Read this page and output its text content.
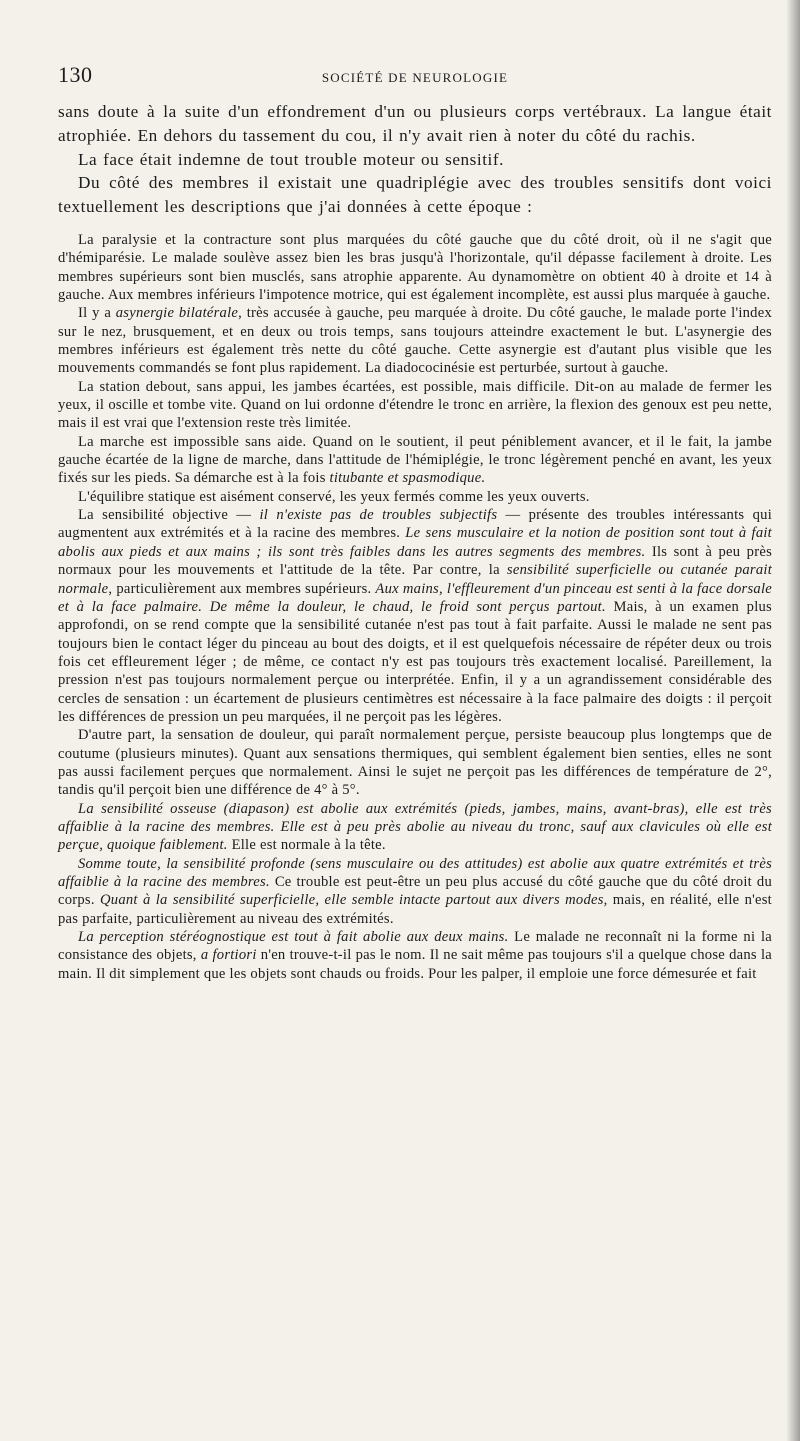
130	SOCIÉTÉ DE NEUROLOGIE

sans doute à la suite d'un effondrement d'un ou plusieurs corps vertébraux. La langue était atrophiée. En dehors du tassement du cou, il n'y avait rien à noter du côté du rachis.

La face était indemne de tout trouble moteur ou sensitif.

Du côté des membres il existait une quadriplégie avec des troubles sensitifs dont voici textuellement les descriptions que j'ai données à cette époque :

La paralysie et la contracture sont plus marquées du côté gauche que du côté droit, où il ne s'agit que d'hémiparésie. Le malade soulève assez bien les bras jusqu'à l'horizontale, qu'il dépasse facilement à droite. Les membres supérieurs sont bien musclés, sans atrophie apparente. Au dynamomètre on obtient 40 à droite et 14 à gauche. Aux membres inférieurs l'impotence motrice, qui est également incomplète, est aussi plus marquée à gauche.

Il y a asynergie bilatérale, très accusée à gauche, peu marquée à droite. Du côté gauche, le malade porte l'index sur le nez, brusquement, et en deux ou trois temps, sans toujours atteindre exactement le but. L'asynergie des membres inférieurs est également très nette du côté gauche. Cette asynergie est d'autant plus visible que les mouvements commandés se font plus rapidement. La diadococinésie est perturbée, surtout à gauche.

La station debout, sans appui, les jambes écartées, est possible, mais difficile. Dit-on au malade de fermer les yeux, il oscille et tombe vite. Quand on lui ordonne d'étendre le tronc en arrière, la flexion des genoux est peu nette, mais il est vrai que l'extension reste très limitée.

La marche est impossible sans aide. Quand on le soutient, il peut péniblement avancer, et il le fait, la jambe gauche écartée de la ligne de marche, dans l'attitude de l'hémiplégie, le tronc légèrement penché en avant, les yeux fixés sur les pieds. Sa démarche est à la fois titubante et spasmodique.

L'équilibre statique est aisément conservé, les yeux fermés comme les yeux ouverts.

La sensibilité objective — il n'existe pas de troubles subjectifs — présente des troubles intéressants qui augmentent aux extrémités et à la racine des membres. Le sens musculaire et la notion de position sont tout à fait abolis aux pieds et aux mains ; ils sont très faibles dans les autres segments des membres. Ils sont à peu près normaux pour les mouvements et l'attitude de la tête. Par contre, la sensibilité superficielle ou cutanée parait normale, particulièrement aux membres supérieurs. Aux mains, l'effleurement d'un pinceau est senti à la face dorsale et à la face palmaire. De même la douleur, le chaud, le froid sont perçus partout. Mais, à un examen plus approfondi, on se rend compte que la sensibilité cutanée n'est pas tout à fait parfaite. Aussi le malade ne sent pas toujours bien le contact léger du pinceau au bout des doigts, et il est quelquefois nécessaire de répéter deux ou trois fois cet effleurement léger ; de même, ce contact n'y est pas toujours très exactement localisé. Pareillement, la pression n'est pas toujours normalement perçue ou interprétée. Enfin, il y a un agrandissement considérable des cercles de sensation : un écartement de plusieurs centimètres est nécessaire à la face palmaire des doigts : il perçoit les différences de pression un peu marquées, il ne perçoit pas les légères.

D'autre part, la sensation de douleur, qui paraît normalement perçue, persiste beaucoup plus longtemps que de coutume (plusieurs minutes). Quant aux sensations thermiques, qui semblent également bien senties, elles ne sont pas aussi facilement perçues que normalement. Ainsi le sujet ne perçoit pas les différences de température de 2°, tandis qu'il perçoit bien une différence de 4° à 5°.

La sensibilité osseuse (diapason) est abolie aux extrémités (pieds, jambes, mains, avant-bras), elle est très affaiblie à la racine des membres. Elle est à peu près abolie au niveau du tronc, sauf aux clavicules où elle est perçue, quoique faiblement. Elle est normale à la tête.

Somme toute, la sensibilité profonde (sens musculaire ou des attitudes) est abolie aux quatre extrémités et très affaiblie à la racine des membres. Ce trouble est peut-être un peu plus accusé du côté gauche que du côté droit du corps. Quant à la sensibilité superficielle, elle semble intacte partout aux divers modes, mais, en réalité, elle n'est pas parfaite, particulièrement au niveau des extrémités.

La perception stéréognostique est tout à fait abolie aux deux mains. Le malade ne reconnaît ni la forme ni la consistance des objets, a fortiori n'en trouve-t-il pas le nom. Il ne sait même pas toujours s'il a quelque chose dans la main. Il dit simplement que les objets sont chauds ou froids. Pour les palper, il emploie une force démesurée et fait
